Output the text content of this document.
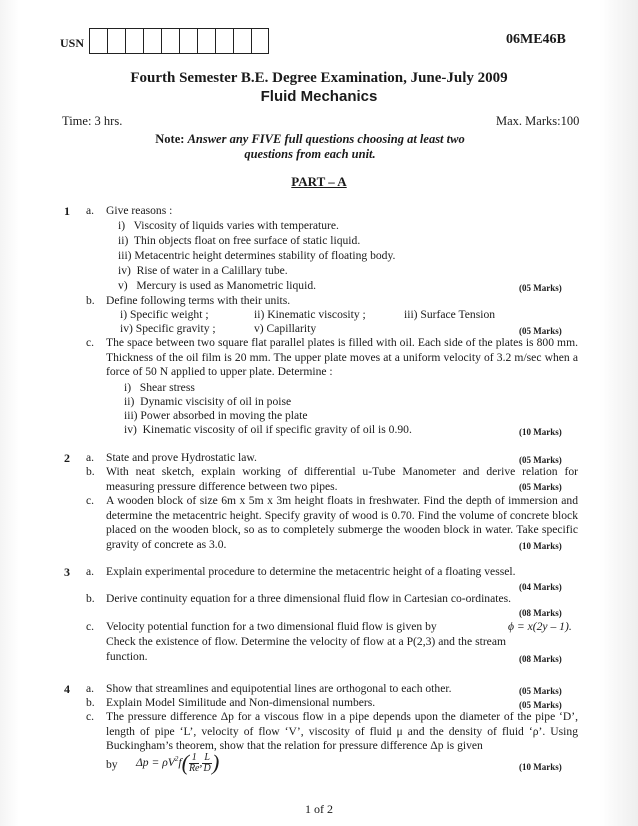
USN	06ME46B
Fourth Semester B.E. Degree Examination, June-July 2009
Fluid Mechanics
Time: 3 hrs.	Max. Marks:100
Note: Answer any FIVE full questions choosing at least two
questions from each unit.
PART – A
1 a. Give reasons :
i)   Viscosity of liquids varies with temperature.
ii)  Thin objects float on free surface of static liquid.
iii) Metacentric height determines stability of floating body.
iv)  Rise of water in a Calillary tube.
v)   Mercury is used as Manometric liquid.	(05 Marks)
b. Define following terms with their units.
i) Specific weight ;	ii) Kinematic viscosity ;	iii) Surface Tension
iv) Specific gravity ;	v) Capillarity	(05 Marks)
c. The space between two square flat parallel plates is filled with oil. Each side of the plates is 800 mm. Thickness of the oil film is 20 mm. The upper plate moves at a uniform velocity of 3.2 m/sec when a force of 50 N applied to upper plate. Determine :
i)   Shear stress
ii)  Dynamic viscisity of oil in poise
iii) Power absorbed in moving the plate
iv)  Kinematic viscosity of oil if specific gravity of oil is 0.90.	(10 Marks)
2 a. State and prove Hydrostatic law.	(05 Marks)
b. With neat sketch, explain working of differential u-Tube Manometer and derive relation for measuring pressure difference between two pipes.	(05 Marks)
c. A wooden block of size 6m x 5m x 3m height floats in freshwater. Find the depth of immersion and determine the metacentric height. Specify gravity of wood is 0.70. Find the volume of concrete block placed on the wooden block, so as to completely submerge the wooden block in water. Take specific gravity of concrete as 3.0.	(10 Marks)
3 a. Explain experimental procedure to determine the metacentric height of a floating vessel.
(04 Marks)
b. Derive continuity equation for a three dimensional fluid flow in Cartesian co-ordinates.
(08 Marks)
c. Velocity potential function for a two dimensional fluid flow is given by	ϕ = x(2y – 1).
Check the existence of flow. Determine the velocity of flow at a P(2,3) and the stream function.	(08 Marks)
4 a. Show that streamlines and equipotential lines are orthogonal to each other.	(05 Marks)
b. Explain Model Similitude and Non-dimensional numbers.	(05 Marks)
c. The pressure difference Δp for a viscous flow in a pipe depends upon the diameter of the pipe ‘D’, length of pipe ‘L’, velocity of flow ‘V’, viscosity of fluid μ and the density of fluid ‘ρ’. Using Buckingham’s theorem, show that the relation for pressure difference Δp is given
by $\Delta p = \rho V^2f( \frac{1}{Re}$ , $\frac{L}{D}$ )	(10 Marks)
1 of 2
